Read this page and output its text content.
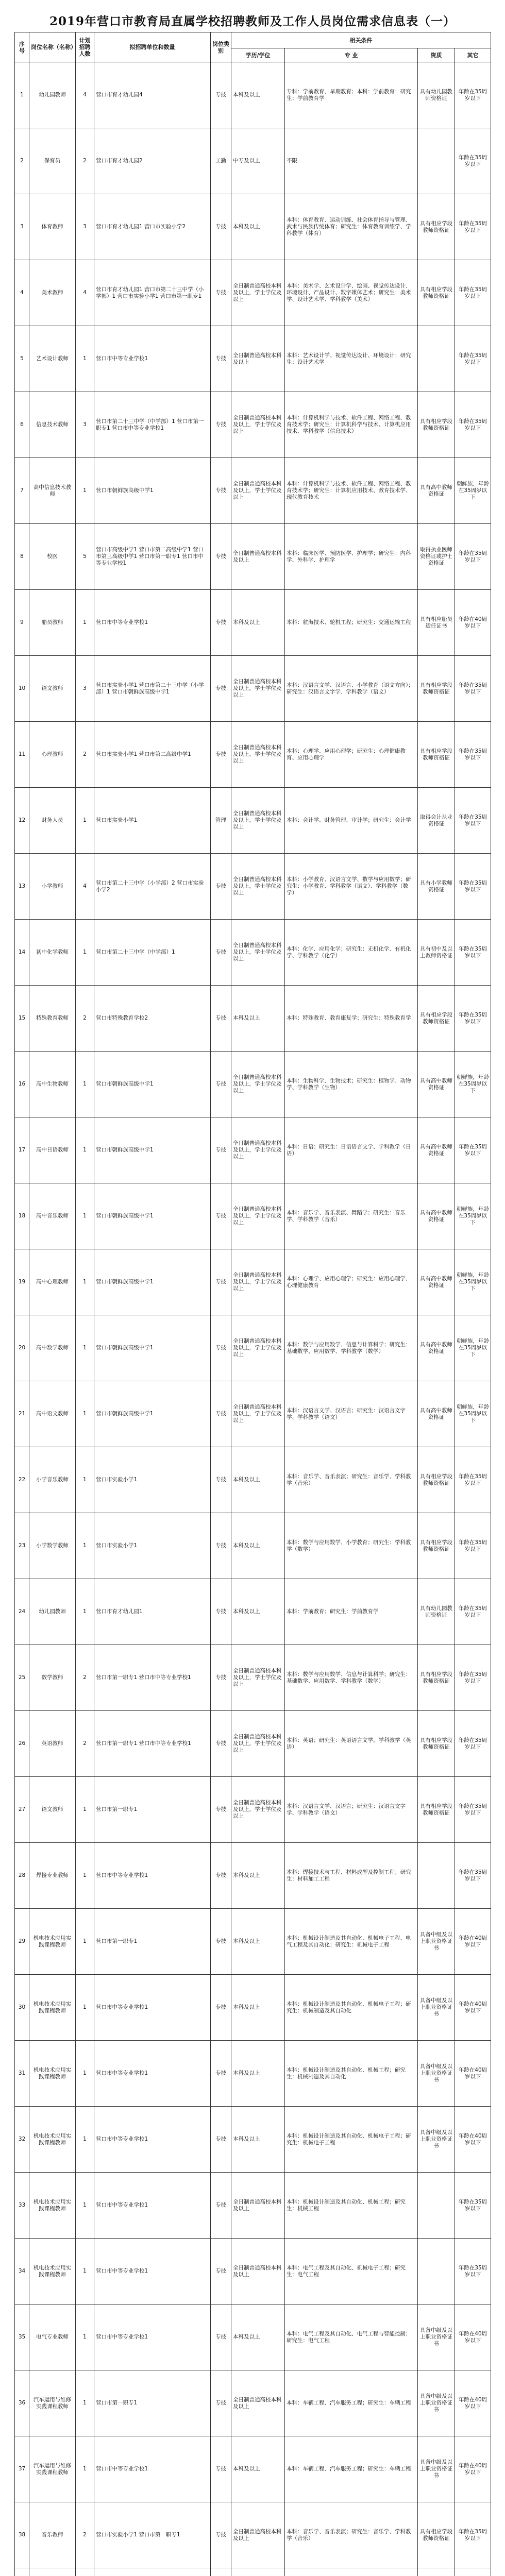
2019年营口市教育局直属学校招聘教师及工作人员岗位需求信息表（一）
序号	岗位名称（名称）	计划招聘人数	拟招聘单位和数量	岗位类别	相关条件			
					学历/学位	专 业	资质	其它
1	幼儿园教师	4	营口市育才幼儿园4	专技	本科及以上	专科：学前教育、早期教育；本科：学前教育；研究生：学前教育学	具有幼儿园教师资格证	年龄在35周岁以下
2	保育员	2	营口市育才幼儿园2	工勤	中专及以上	不限		年龄在35周岁以下
3	体育教师	3	营口市育才幼儿园1 营口市实验小学2	专技	本科及以上	本科：体育教育、运动训练、社会体育指导与管理、武术与民族传统体育；研究生：体育教育训练学、学科教学（体育）	具有相应学段教师资格证	年龄在35周岁以下
4	美术教师	4	营口市育才幼儿园1 营口市第二十三中学（小学部）1 营口市实验小学1 营口市第一职专1	专技	全日制普通高校本科及以上，学士学位及以上	本科：美术学、艺术设计学、绘画、视觉传达设计、环境设计、产品设计、数字媒体艺术；研究生：美术学、设计艺术学、学科教学（美术）	具有相应学段教师资格证	年龄在35周岁以下
5	艺术设计教师	1	营口市中等专业学校1	专技	全日制普通高校本科及以上	本科：艺术设计学、视觉传达设计、环境设计；研究生：设计艺术学		年龄在35周岁以下
6	信息技术教师	3	营口市第二十三中学（中学部）1 营口市第一职专1 营口市中等专业学校1	专技	全日制普通高校本科及以上，学士学位及以上	本科：计算机科学与技术、软件工程、网络工程、教育技术学；研究生：计算机科学与技术、计算机应用技术、学科教学（信息技术）	具有相应学段教师资格证	年龄在35周岁以下
7	高中信息技术教师	1	营口市朝鲜族高级中学1	专技	全日制普通高校本科及以上，学士学位及以上	本科：计算机科学与技术、软件工程、网络工程、教育技术学；研究生：计算机应用技术、教育技术学、现代教育技术	具有高中教师资格证	朝鲜族，年龄在35周岁以下
8	校医	5	营口市高级中学1 营口市第二高级中学1 营口市第三高级中学1 营口市第一职专1 营口市中等专业学校1	专技	全日制普通高校本科及以上	本科：临床医学、预防医学、护理学；研究生：内科学、外科学、护理学	取得执业医师资格证或护士资格证	年龄在35周岁以下
9	船员教师	1	营口市中等专业学校1	专技	本科及以上	本科：航海技术、轮机工程；研究生：交通运输工程	具有相应船员适任证书	年龄在40周岁以下
10	语文教师	3	营口市实验小学1 营口市第二十三中学（小学部）1 营口市朝鲜族高级中学1	专技	全日制普通高校本科及以上，学士学位及以上	本科：汉语言文学、汉语言、小学教育（语文方向）；研究生：汉语言文字学、学科教学（语文）	具有相应学段教师资格证	年龄在35周岁以下
11	心理教师	2	营口市实验小学1 营口市第二高级中学1	专技	全日制普通高校本科及以上，学士学位及以上	本科：心理学、应用心理学；研究生：心理健康教育、应用心理学	具有相应学段教师资格证	年龄在35周岁以下
12	财务人员	1	营口市实验小学1	管理	全日制普通高校本科及以上，学士学位及以上	本科：会计学、财务管理、审计学；研究生：会计学	取得会计从业资格证	年龄在35周岁以下
13	小学教师	4	营口市第二十三中学（小学部）2 营口市实验小学2	专技	全日制普通高校本科及以上，学士学位及以上	本科：小学教育、汉语言文学、数学与应用数学；研究生：小学教育、学科教学（语文）、学科教学（数学）	具有小学教师资格证	年龄在35周岁以下
14	初中化学教师	1	营口市第二十三中学（中学部）1	专技	全日制普通高校本科及以上，学士学位及以上	本科：化学、应用化学；研究生：无机化学、有机化学、学科教学（化学）	具有初中及以上教师资格证	年龄在35周岁以下
15	特殊教育教师	2	营口市特殊教育学校2	专技	本科及以上	本科：特殊教育、教育康复学；研究生：特殊教育学	具有相应学段教师资格证	年龄在35周岁以下
16	高中生物教师	1	营口市朝鲜族高级中学1	专技	全日制普通高校本科及以上，学士学位及以上	本科：生物科学、生物技术；研究生：植物学、动物学、学科教学（生物）	具有高中教师资格证	朝鲜族，年龄在35周岁以下
17	高中日语教师	1	营口市朝鲜族高级中学1	专技	全日制普通高校本科及以上，学士学位及以上	本科：日语；研究生：日语语言文学、学科教学（日语）	具有高中教师资格证	年龄在35周岁以下
18	高中音乐教师	1	营口市朝鲜族高级中学1	专技	全日制普通高校本科及以上，学士学位及以上	本科：音乐学、音乐表演、舞蹈学；研究生：音乐学、学科教学（音乐）	具有高中教师资格证	朝鲜族，年龄在35周岁以下
19	高中心理教师	1	营口市朝鲜族高级中学1	专技	全日制普通高校本科及以上，学士学位及以上	本科：心理学、应用心理学；研究生：应用心理学、心理健康教育	具有高中教师资格证	朝鲜族，年龄在35周岁以下
20	高中数学教师	1	营口市朝鲜族高级中学1	专技	全日制普通高校本科及以上，学士学位及以上	本科：数学与应用数学、信息与计算科学；研究生：基础数学、应用数学、学科教学（数学）	具有高中教师资格证	朝鲜族，年龄在35周岁以下
21	高中语文教师	1	营口市朝鲜族高级中学1	专技	全日制普通高校本科及以上，学士学位及以上	本科：汉语言文学、汉语言；研究生：汉语言文字学、学科教学（语文）	具有高中教师资格证	朝鲜族，年龄在35周岁以下
22	小学音乐教师	1	营口市实验小学1	专技	本科及以上	本科：音乐学、音乐表演；研究生：音乐学、学科教学（音乐）	具有相应学段教师资格证	年龄在35周岁以下
23	小学数学教师	1	营口市实验小学1	专技	本科及以上	本科：数学与应用数学、小学教育；研究生：学科教学（数学）	具有相应学段教师资格证	年龄在35周岁以下
24	幼儿园教师	1	营口市育才幼儿园1	专技	本科及以上	本科：学前教育；研究生：学前教育学	具有幼儿园教师资格证	年龄在35周岁以下
25	数学教师	2	营口市第一职专1 营口市中等专业学校1	专技	全日制普通高校本科及以上，学士学位及以上	本科：数学与应用数学、信息与计算科学；研究生：基础数学、应用数学、学科教学（数学）	具有相应学段教师资格证	年龄在35周岁以下
26	英语教师	2	营口市第一职专1 营口市中等专业学校1	专技	全日制普通高校本科及以上，学士学位及以上	本科：英语；研究生：英语语言文学、学科教学（英语）	具有相应学段教师资格证	年龄在35周岁以下
27	语文教师	1	营口市第一职专1	专技	全日制普通高校本科及以上，学士学位及以上	本科：汉语言文学、汉语言；研究生：汉语言文字学、学科教学（语文）	具有相应学段教师资格证	年龄在35周岁以下
28	焊接专业教师	1	营口市中等专业学校1	专技	本科及以上	本科：焊接技术与工程、材料成型及控制工程；研究生：材料加工工程		年龄在35周岁以下
29	机电技术应用实践课程教师	1	营口市第一职专1	专技	本科及以上	本科：机械设计制造及其自动化、机械电子工程、电气工程及其自动化；研究生：机械电子工程	具备中级及以上职业资格证书	年龄在40周岁以下
30	机电技术应用实践课程教师	1	营口市中等专业学校1	专技	本科及以上	本科：机械设计制造及其自动化、机械电子工程；研究生：机械制造及其自动化	具备中级及以上职业资格证书	年龄在40周岁以下
31	机电技术应用实践课程教师	1	营口市中等专业学校1	专技	本科及以上	本科：机械设计制造及其自动化、机械工程；研究生：机械制造及其自动化	具备中级及以上职业资格证书	年龄在40周岁以下
32	机电技术应用实践课程教师	1	营口市中等专业学校1	专技	本科及以上	本科：机械设计制造及其自动化、机械电子工程；研究生：机械电子工程	具备中级及以上职业资格证书	年龄在40周岁以下
33	机电技术应用实践课程教师	1	营口市中等专业学校1	专技	全日制普通高校本科及以上	本科：机械设计制造及其自动化、机械工程；研究生：机械工程		年龄在35周岁以下
34	机电技术应用实践课程教师	1	营口市中等专业学校1	专技	全日制普通高校本科及以上	本科：电气工程及其自动化、机械电子工程；研究生：电气工程		年龄在35周岁以下
35	电气专业教师	1	营口市中等专业学校1	专技	本科及以上	本科：电气工程及其自动化、电气工程与智能控制；研究生：电气工程	具备中级及以上职业资格证书	年龄在40周岁以下
36	汽车运用与维修实践课程教师	1	营口市第一职专1	专技	全日制普通高校本科及以上	本科：车辆工程、汽车服务工程；研究生：车辆工程	具备中级及以上职业资格证书	年龄在40周岁以下
37	汽车运用与维修实践课程教师	1	营口市中等专业学校1	专技	本科及以上	本科：车辆工程、汽车服务工程；研究生：车辆工程	具备中级及以上职业资格证书	年龄在40周岁以下
38	音乐教师	2	营口市实验小学1 营口市第一职专1	专技	全日制普通高校本科及以上	本科：音乐学、音乐表演；研究生：音乐学、学科教学（音乐）	具有相应学段教师资格证	年龄在35周岁以下
